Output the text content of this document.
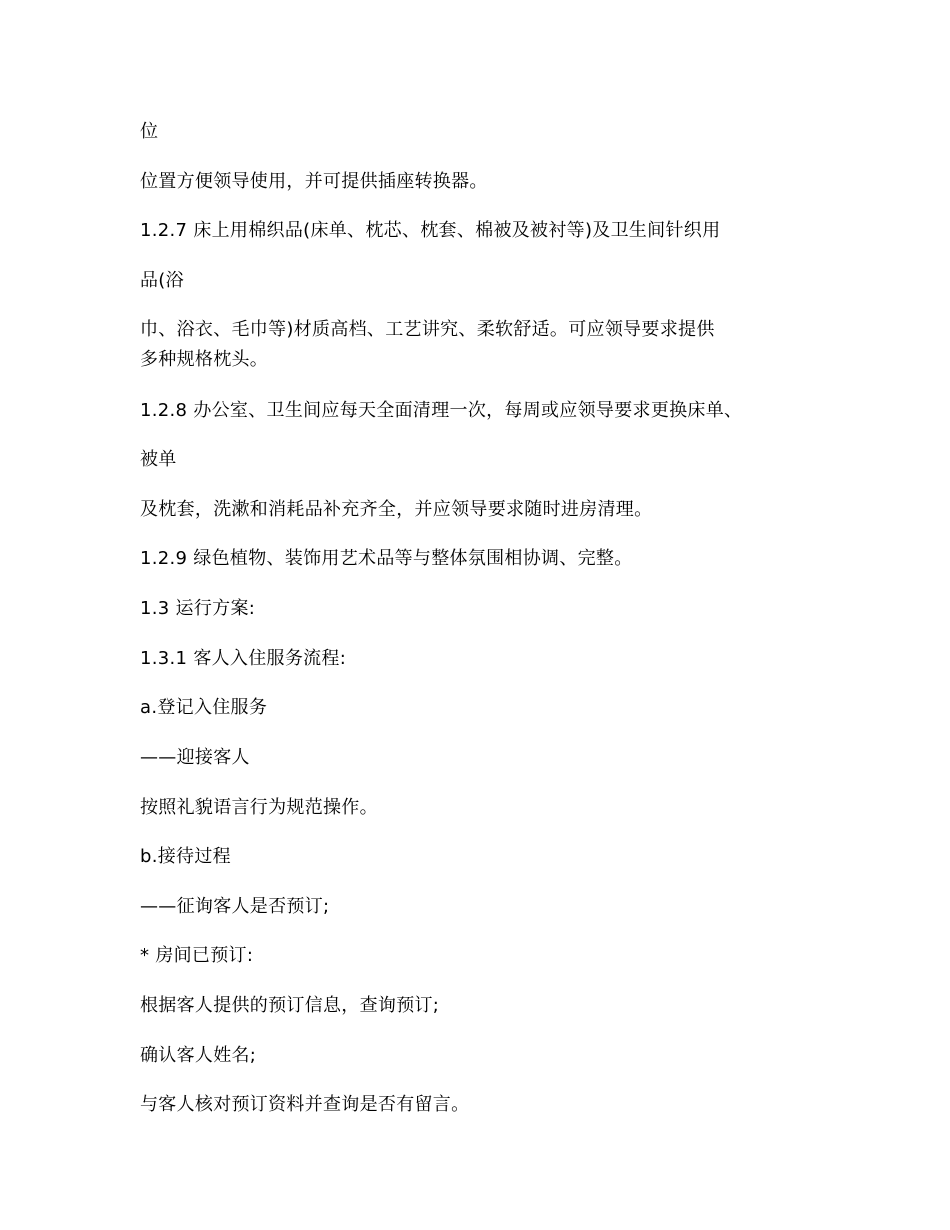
位

位置方便领导使用，并可提供插座转换器。

1.2.7 床上用棉织品(床单、枕芯、枕套、棉被及被衬等)及卫生间针织用

品(浴

巾、浴衣、毛巾等)材质高档、工艺讲究、柔软舒适。可应领导要求提供

多种规格枕头。

1.2.8 办公室、卫生间应每天全面清理一次，每周或应领导要求更换床单、

被单

及枕套，洗漱和消耗品补充齐全，并应领导要求随时进房清理。

1.2.9 绿色植物、装饰用艺术品等与整体氛围相协调、完整。

1.3 运行方案:

1.3.1 客人入住服务流程:

a.登记入住服务

——迎接客人

按照礼貌语言行为规范操作。

b.接待过程

——征询客人是否预订;

* 房间已预订:

根据客人提供的预订信息，查询预订;

确认客人姓名;

与客人核对预订资料并查询是否有留言。
